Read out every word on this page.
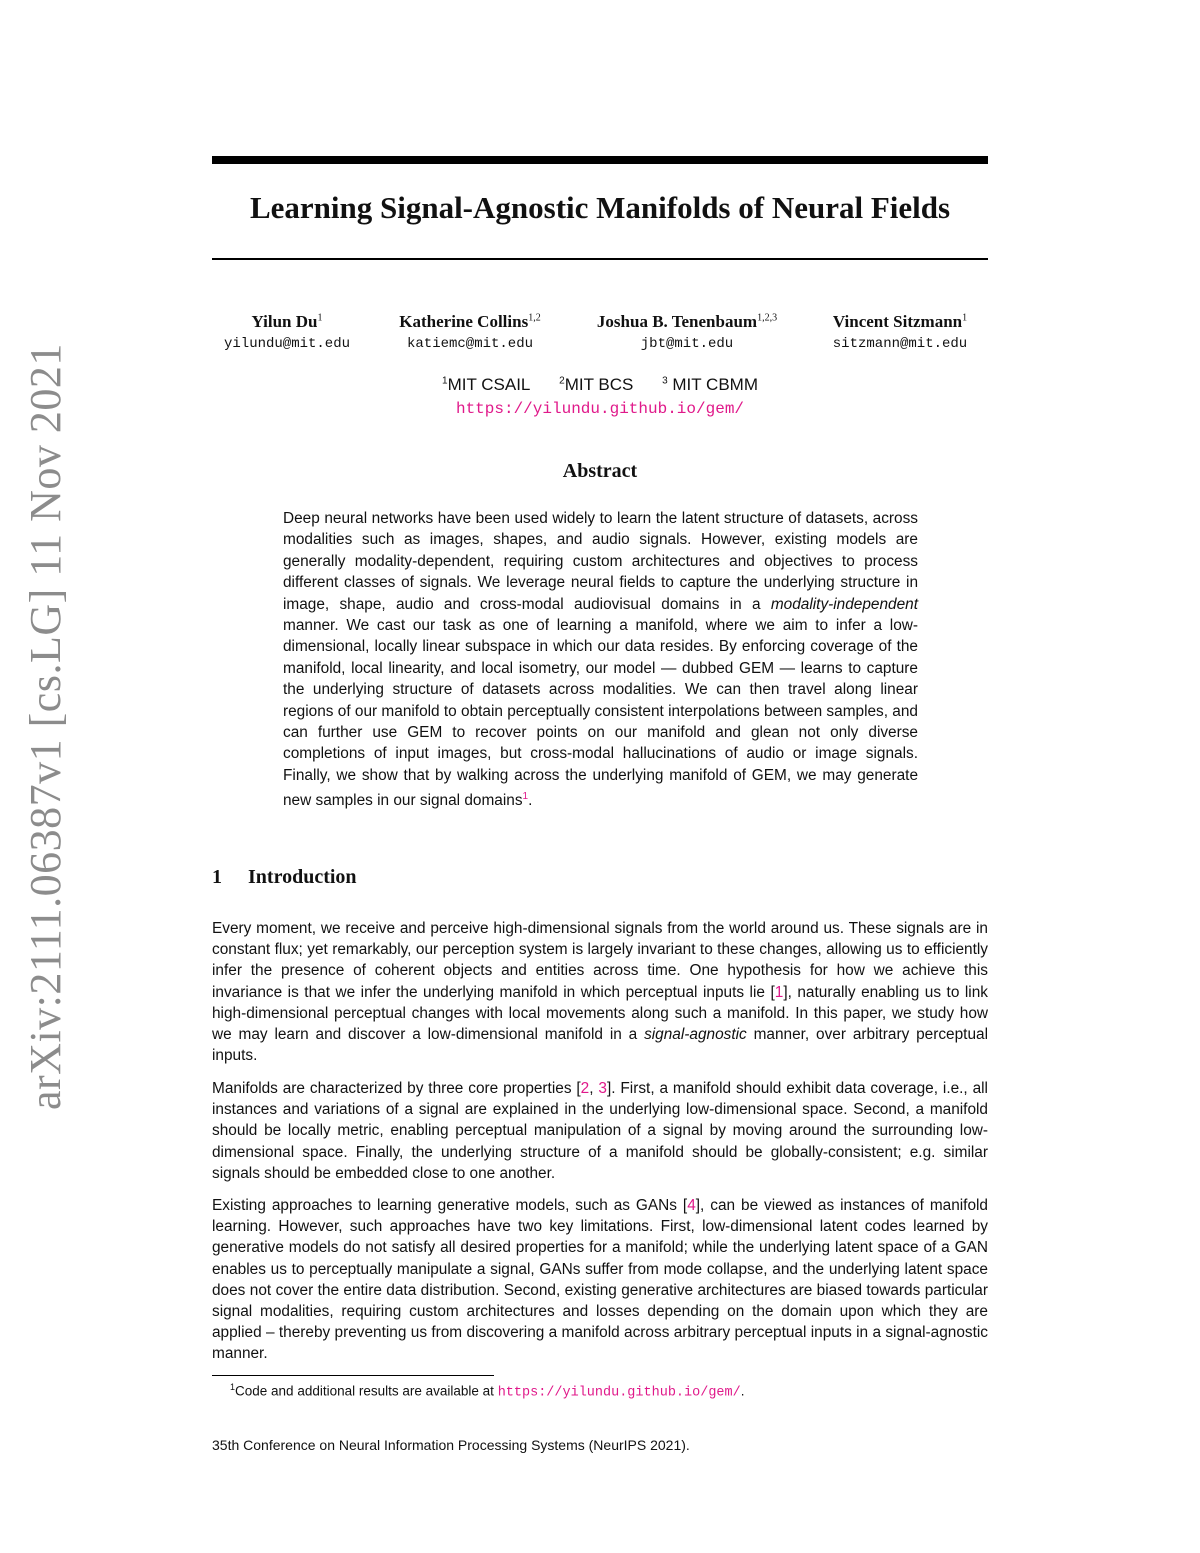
arXiv:2111.06387v1 [cs.LG] 11 Nov 2021
Learning Signal-Agnostic Manifolds of Neural Fields
Yilun Du$^1$
yilundu@mit.edu
Katherine Collins$^{1,2}$
katiemc@mit.edu
Joshua B. Tenenbaum$^{1,2,3}$
jbt@mit.edu
Vincent Sitzmann$^1$
sitzmann@mit.edu
$^1$MIT CSAIL	$^2$MIT BCS	$^3$ MIT CBMM
https://yilundu.github.io/gem/
Abstract

Deep neural networks have been used widely to learn the latent structure of datasets, across modalities such as images, shapes, and audio signals. However, existing models are generally modality-dependent, requiring custom architectures and objectives to process different classes of signals. We leverage neural fields to capture the underlying structure in image, shape, audio and cross-modal audiovisual domains in a modality-independent manner. We cast our task as one of learning a manifold, where we aim to infer a low-dimensional, locally linear subspace in which our data resides. By enforcing coverage of the manifold, local linearity, and local isometry, our model — dubbed GEM — learns to capture the underlying structure of datasets across modalities. We can then travel along linear regions of our manifold to obtain perceptually consistent interpolations between samples, and can further use GEM to recover points on our manifold and glean not only diverse completions of input images, but cross-modal hallucinations of audio or image signals. Finally, we show that by walking across the underlying manifold of GEM, we may generate new samples in our signal domains$^1$.

1 Introduction

Every moment, we receive and perceive high-dimensional signals from the world around us. These signals are in constant flux; yet remarkably, our perception system is largely invariant to these changes, allowing us to efficiently infer the presence of coherent objects and entities across time. One hypothesis for how we achieve this invariance is that we infer the underlying manifold in which perceptual inputs lie [1], naturally enabling us to link high-dimensional perceptual changes with local movements along such a manifold. In this paper, we study how we may learn and discover a low-dimensional manifold in a signal-agnostic manner, over arbitrary perceptual inputs.

Manifolds are characterized by three core properties [2, 3]. First, a manifold should exhibit data coverage, i.e., all instances and variations of a signal are explained in the underlying low-dimensional space. Second, a manifold should be locally metric, enabling perceptual manipulation of a signal by moving around the surrounding low-dimensional space. Finally, the underlying structure of a manifold should be globally-consistent; e.g. similar signals should be embedded close to one another.

Existing approaches to learning generative models, such as GANs [4], can be viewed as instances of manifold learning. However, such approaches have two key limitations. First, low-dimensional latent codes learned by generative models do not satisfy all desired properties for a manifold; while the underlying latent space of a GAN enables us to perceptually manipulate a signal, GANs suffer from mode collapse, and the underlying latent space does not cover the entire data distribution. Second, existing generative architectures are biased towards particular signal modalities, requiring custom architectures and losses depending on the domain upon which they are applied – thereby preventing us from discovering a manifold across arbitrary perceptual inputs in a signal-agnostic manner.

$^1$Code and additional results are available at https://yilundu.github.io/gem/.
35th Conference on Neural Information Processing Systems (NeurIPS 2021).
